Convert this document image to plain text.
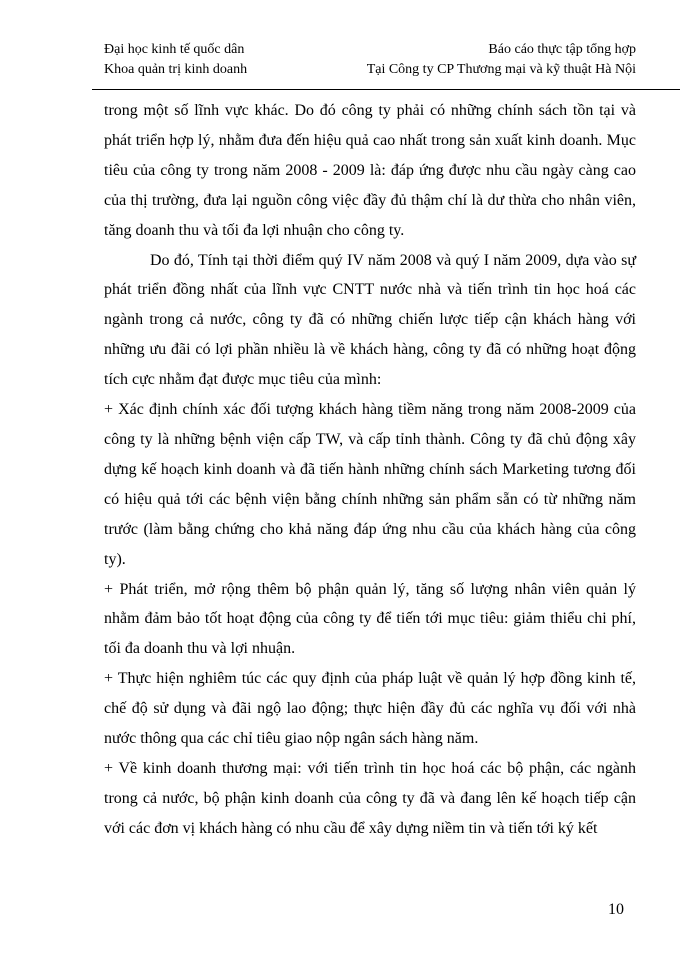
Đại học kinh tế quốc dân
Khoa quản trị kinh doanh
Báo cáo thực tập tổng hợp
Tại Công ty CP Thương mại và kỹ thuật Hà Nội

trong một số lĩnh vực khác. Do đó công ty phải có những chính sách tồn tại và phát triển hợp lý, nhằm đưa đến hiệu quả cao nhất trong sản xuất kinh doanh. Mục tiêu của công ty trong năm 2008 - 2009 là: đáp ứng được nhu cầu ngày càng cao của thị trường, đưa lại nguồn công việc đầy đủ thậm chí là dư thừa cho nhân viên, tăng doanh thu và tối đa lợi nhuận cho công ty.

Do đó, Tính tại thời điểm quý IV năm 2008 và quý I năm 2009, dựa vào sự phát triển đồng nhất của lĩnh vực CNTT nước nhà và tiến trình tin học hoá các ngành trong cả nước, công ty đã có những chiến lược tiếp cận khách hàng với những ưu đãi có lợi phần nhiều là về khách hàng, công ty đã có những hoạt động tích cực nhằm đạt được mục tiêu của mình:

+ Xác định chính xác đối tượng khách hàng tiềm năng trong năm 2008-2009 của công ty là những bệnh viện cấp TW, và cấp tỉnh thành. Công ty đã chủ động xây dựng kế hoạch kinh doanh và đã tiến hành những chính sách Marketing tương đối có hiệu quả tới các bệnh viện bằng chính những sản phẩm sẵn có từ những năm trước (làm bằng chứng cho khả năng đáp ứng nhu cầu của khách hàng của công ty).

+ Phát triển, mở rộng thêm bộ phận quản lý, tăng số lượng nhân viên quản lý nhằm đảm bảo tốt hoạt động của công ty để tiến tới mục tiêu: giảm thiểu chi phí, tối đa doanh thu và lợi nhuận.

+ Thực hiện nghiêm túc các quy định của pháp luật về quản lý hợp đồng kinh tế, chế độ sử dụng và đãi ngộ lao động; thực hiện đầy đủ các nghĩa vụ đối với nhà nước thông qua các chỉ tiêu giao nộp ngân sách hàng năm.

+ Về kinh doanh thương mại: với tiến trình tin học hoá các bộ phận, các ngành trong cả nước, bộ phận kinh doanh của công ty đã và đang lên kế hoạch tiếp cận với các đơn vị khách hàng có nhu cầu để xây dựng niềm tin và tiến tới ký kết

10
